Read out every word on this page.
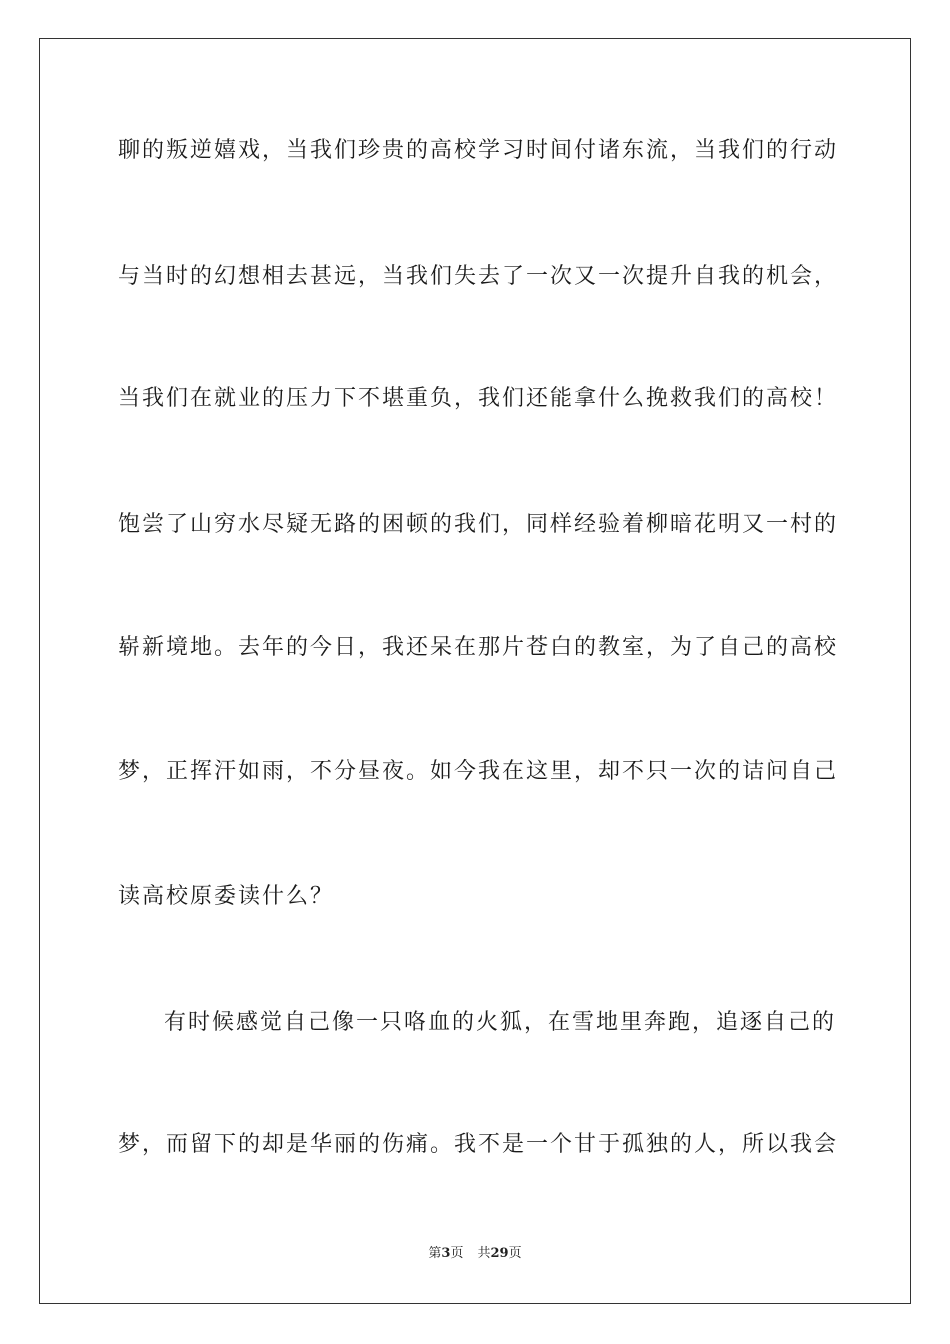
聊的叛逆嬉戏，当我们珍贵的高校学习时间付诸东流，当我们的行动
与当时的幻想相去甚远，当我们失去了一次又一次提升自我的机会，
当我们在就业的压力下不堪重负，我们还能拿什么挽救我们的高校！
饱尝了山穷水尽疑无路的困顿的我们，同样经验着柳暗花明又一村的
崭新境地。去年的今日，我还呆在那片苍白的教室，为了自己的高校
梦，正挥汗如雨，不分昼夜。如今我在这里，却不只一次的诘问自己
读高校原委读什么？
有时候感觉自己像一只咯血的火狐，在雪地里奔跑，追逐自己的
梦，而留下的却是华丽的伤痛。我不是一个甘于孤独的人，所以我会
第3页 共29页
